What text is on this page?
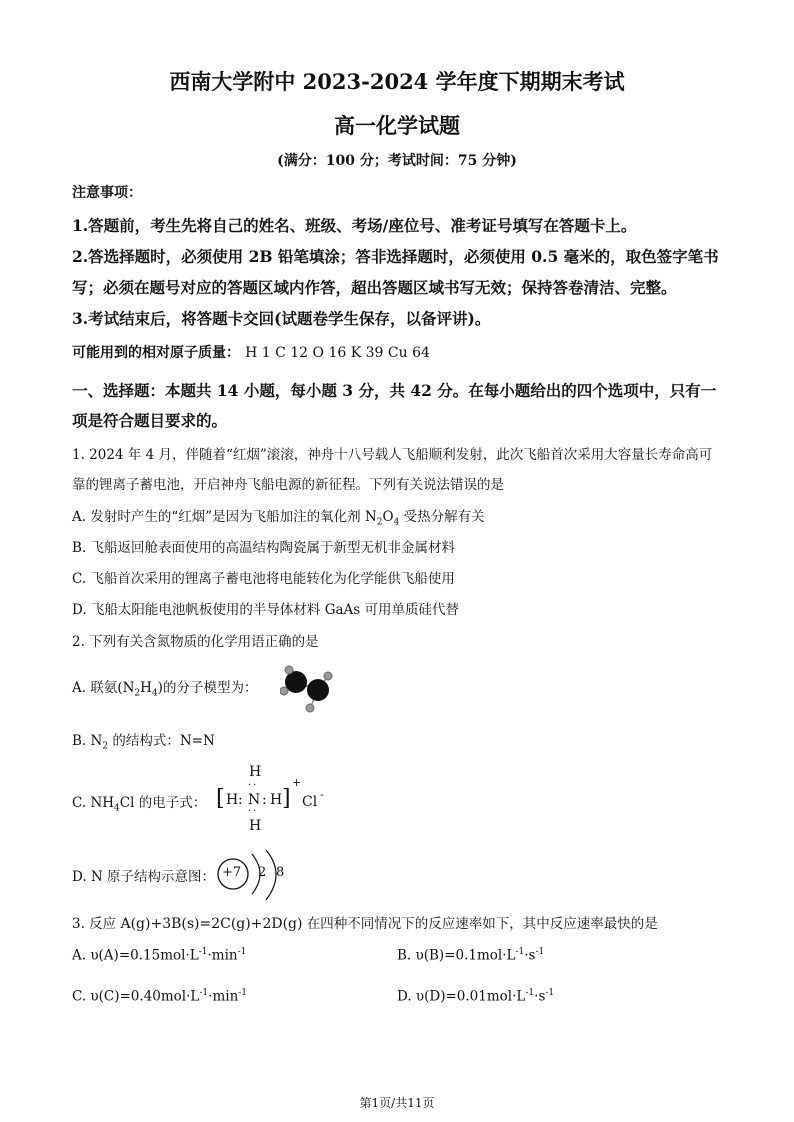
西南大学附中 2023-2024 学年度下期期末考试
高一化学试题
(满分：100 分；考试时间：75 分钟)
注意事项：
1.答题前，考生先将自己的姓名、班级、考场/座位号、准考证号填写在答题卡上。
2.答选择题时，必须使用 2B 铅笔填涂；答非选择题时，必须使用 0.5 毫米的，取色签字笔书
写；必须在题号对应的答题区域内作答，超出答题区域书写无效；保持答卷清洁、完整。
3.考试结束后，将答题卡交回(试题卷学生保存，以备评讲)。
可能用到的相对原子质量： H 1 C 12 O 16 K 39 Cu 64
一、选择题：本题共 14 小题，每小题 3 分，共 42 分。在每小题给出的四个选项中，只有一
项是符合题目要求的。
1. 2024 年 4 月，伴随着“红烟”滚滚，神舟十八号载人飞船顺利发射，此次飞船首次采用大容量长寿命高可
靠的锂离子蓄电池，开启神舟飞船电源的新征程。下列有关说法错误的是
A. 发射时产生的“红烟”是因为飞船加注的氧化剂 $N_2O_4$ 受热分解有关
B. 飞船返回舱表面使用的高温结构陶瓷属于新型无机非金属材料
C. 飞船首次采用的锂离子蓄电池将电能转化为化学能供飞船使用
D. 飞船太阳能电池帆板使用的半导体材料 GaAs 可用单质硅代替
2. 下列有关含氮物质的化学用语正确的是
A. 联氨$(N_2H_4)$的分子模型为：
B. $N_2$ 的结构式：N=N
C. $NH_4Cl$ 的电子式： [ H : N : H
H
H
··
··
]
+
Cl -
D. N 原子结构示意图： +7 2 8
3. 反应 A(g)+3B(s)=2C(g)+2D(g) 在四种不同情况下的反应速率如下，其中反应速率最快的是
A. $\upsilon(A)=0.15mol\cdot L^{-1}\cdot\min^{-1}$	B. $\upsilon(B)=0.1mol\cdot L^{-1}\cdot s^{-1}$
C. $\upsilon(C)=0.40mol\cdot L^{-1}\cdot\min^{-1}$	D. $\upsilon(D)=0.01mol\cdot L^{-1}\cdot s^{-1}$
第1页/共11页
